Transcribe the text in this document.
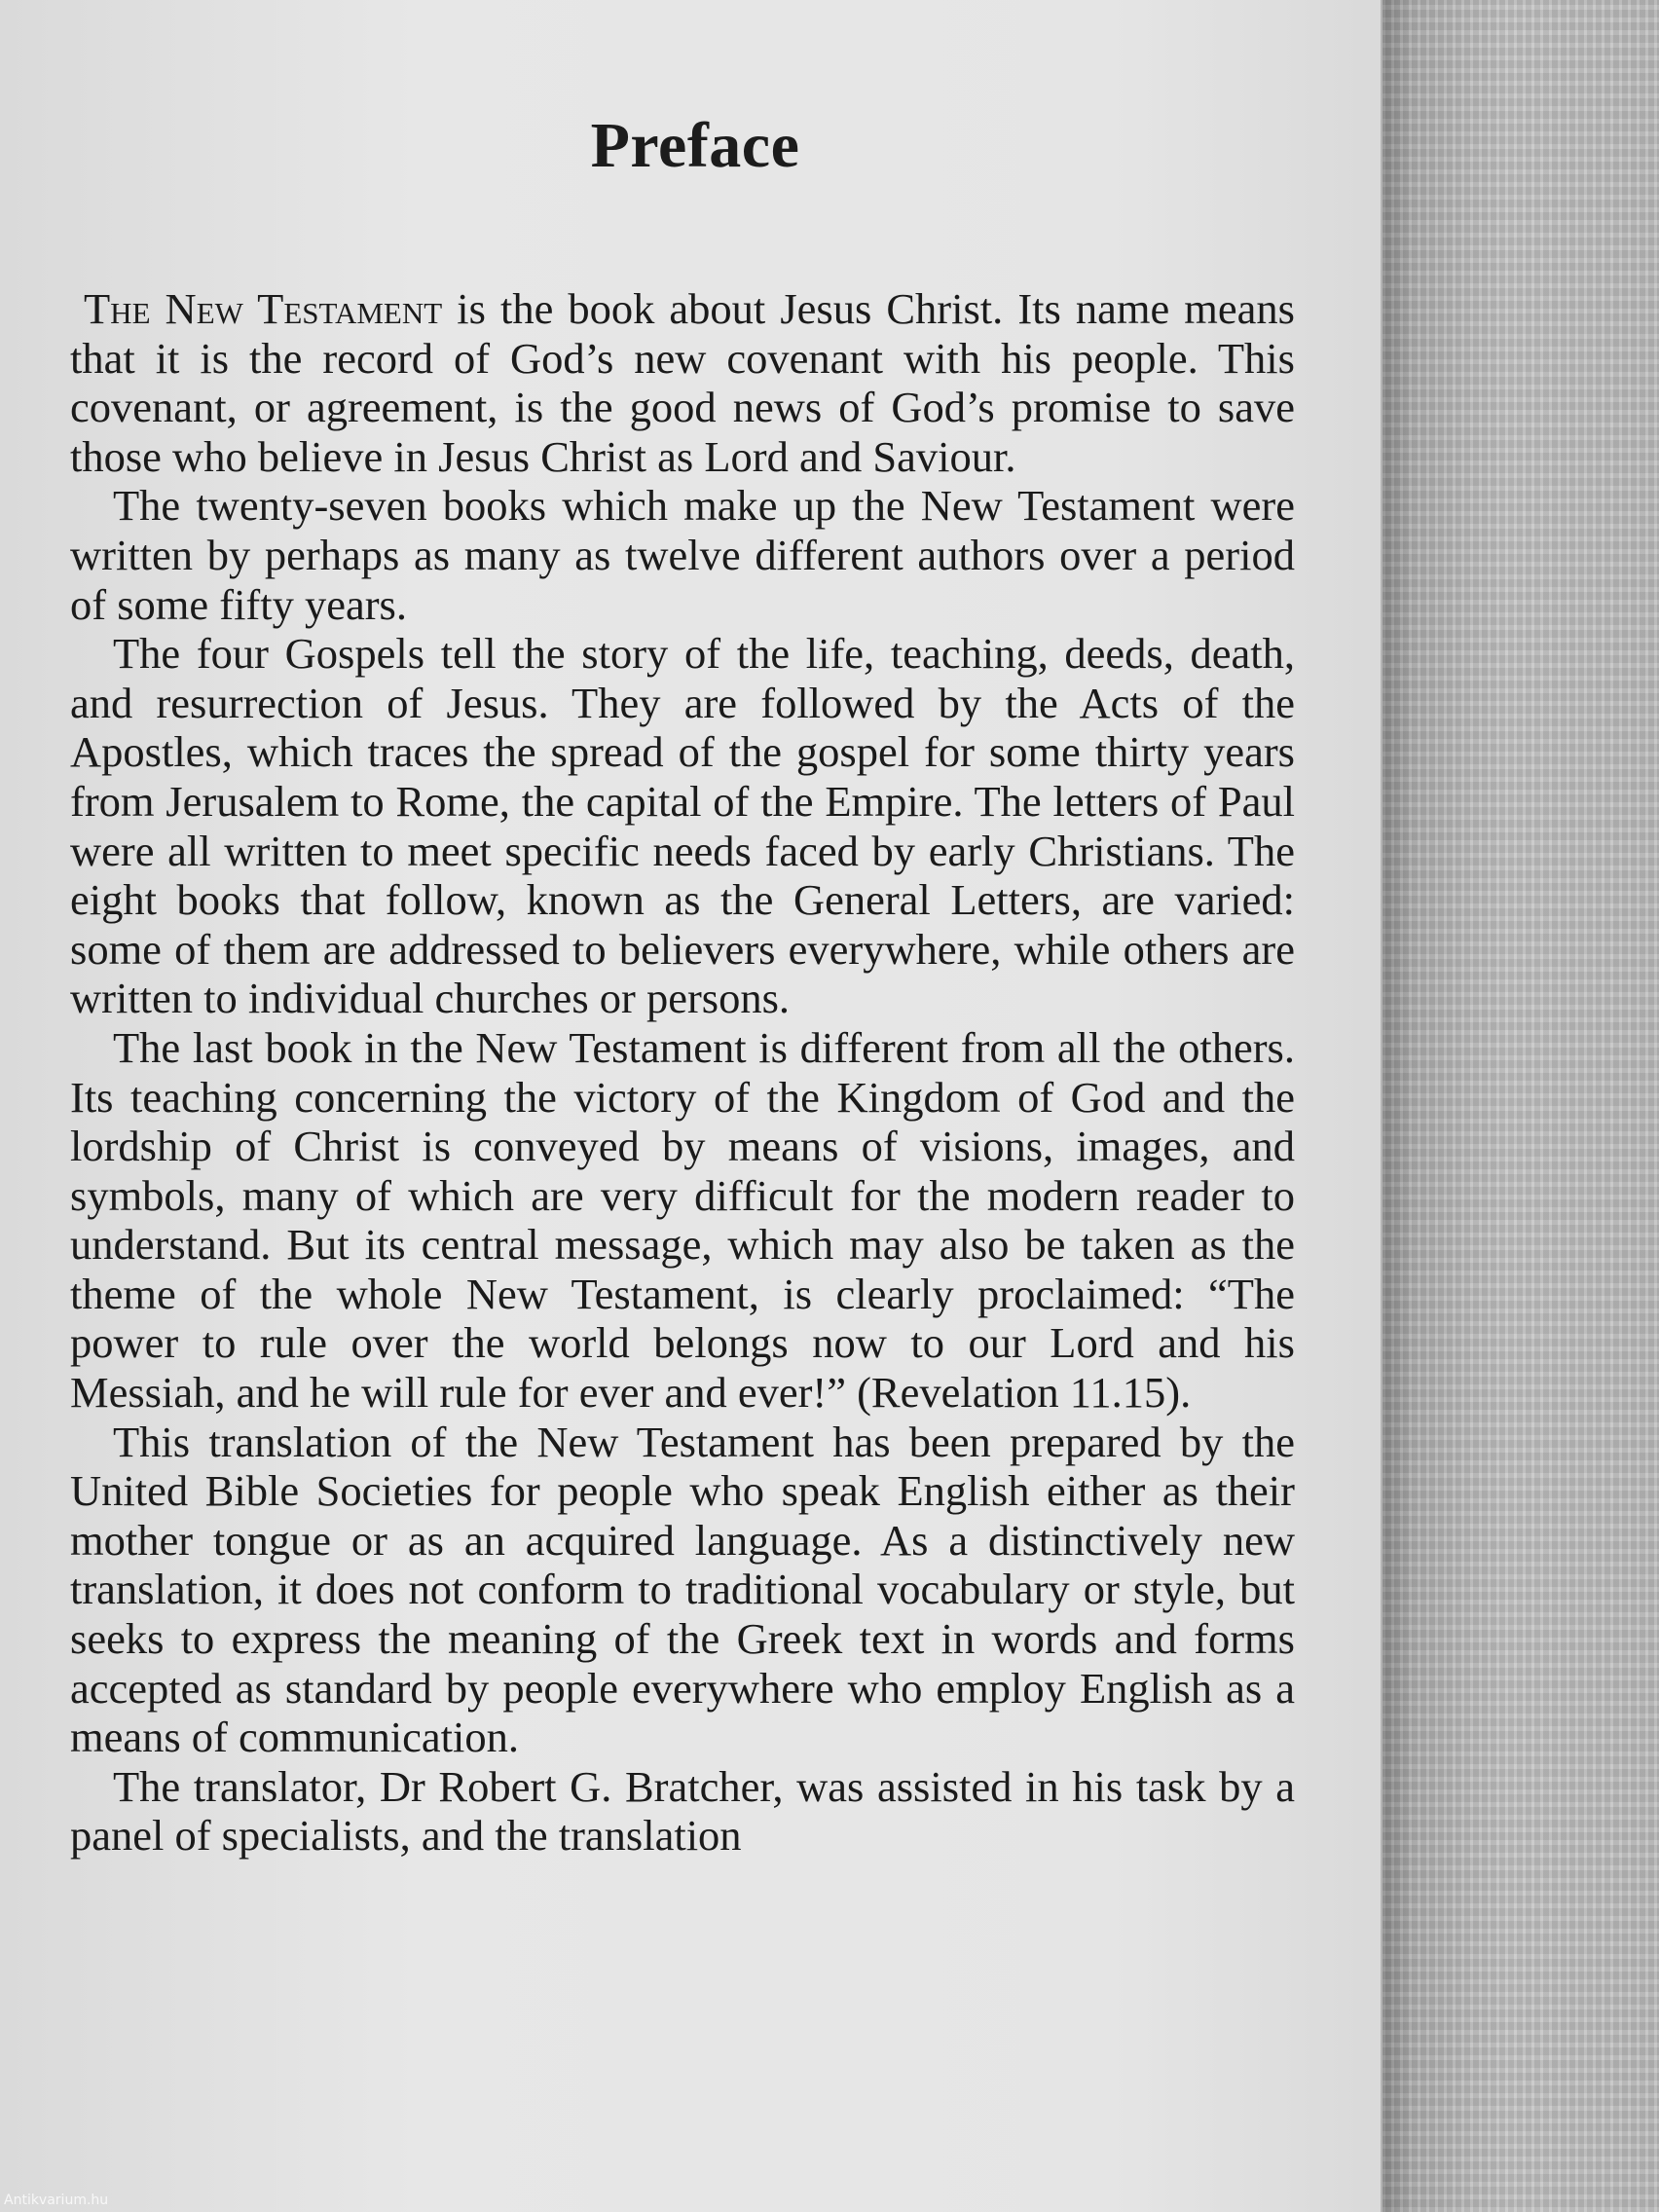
Preface

The New Testament is the book about Jesus Christ. Its name means that it is the record of God’s new covenant with his people. This covenant, or agreement, is the good news of God’s promise to save those who believe in Jesus Christ as Lord and Saviour.

The twenty-seven books which make up the New Testament were written by perhaps as many as twelve different authors over a period of some fifty years.

The four Gospels tell the story of the life, teaching, deeds, death, and resurrection of Jesus. They are followed by the Acts of the Apostles, which traces the spread of the gospel for some thirty years from Jerusalem to Rome, the capital of the Empire. The letters of Paul were all written to meet specific needs faced by early Christians. The eight books that follow, known as the General Letters, are varied: some of them are addressed to believers everywhere, while others are written to individual churches or persons.

The last book in the New Testament is different from all the others. Its teaching concerning the victory of the Kingdom of God and the lordship of Christ is conveyed by means of visions, images, and symbols, many of which are very difficult for the modern reader to understand. But its central message, which may also be taken as the theme of the whole New Testament, is clearly proclaimed: “The power to rule over the world belongs now to our Lord and his Messiah, and he will rule for ever and ever!” (Revelation 11.15).

This translation of the New Testament has been prepared by the United Bible Societies for people who speak English either as their mother tongue or as an acquired language. As a distinctively new translation, it does not conform to traditional vocabulary or style, but seeks to express the meaning of the Greek text in words and forms accepted as standard by people everywhere who employ English as a means of communication.

The translator, Dr Robert G. Bratcher, was assisted in his task by a panel of specialists, and the translation

Antikvarium.hu
